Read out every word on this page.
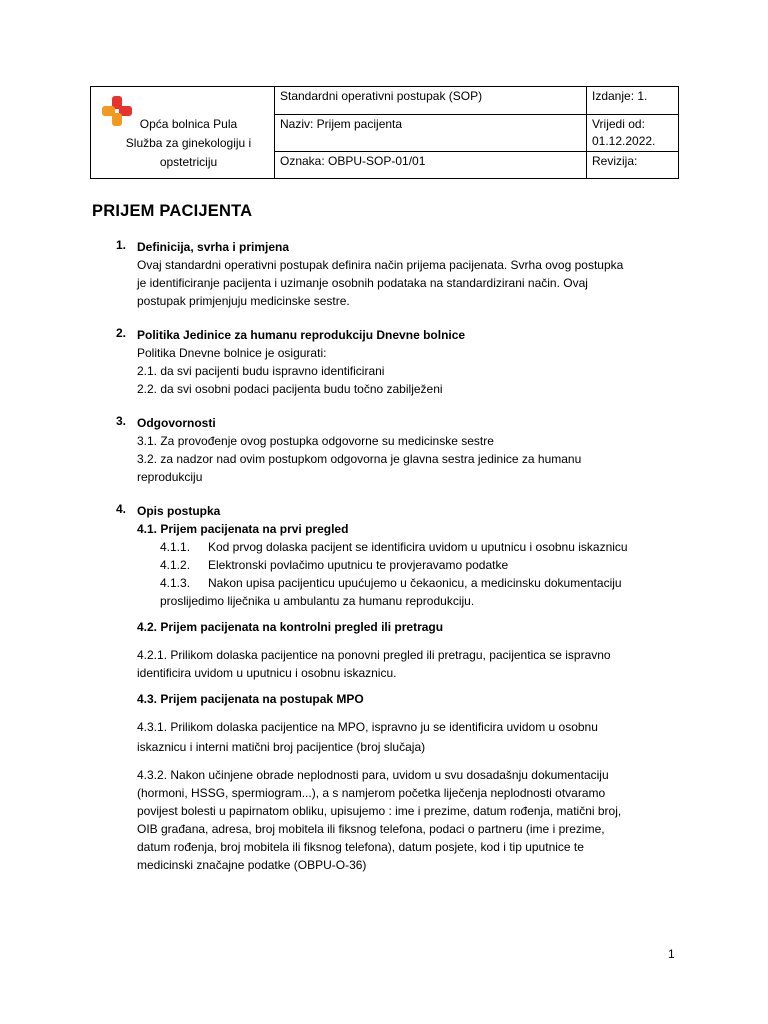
Opća bolnica Pula
Služba za ginekologiju i
opstetriciju	Standardni operativni postupak (SOP)	Izdanje: 1.
	Naziv: Prijem pacijenta	Vrijedi od:
01.12.2022.

	Oznaka: OBPU-SOP-01/01	Revizija:
PRIJEM PACIJENTA
1. Definicija, svrha i primjena
Ovaj standardni operativni postupak definira način prijema pacijenata. Svrha ovog postupka
je identificiranje pacijenta i uzimanje osobnih podataka na standardizirani način. Ovaj
postupak primjenjuju medicinske sestre.
2. Politika Jedinice za humanu reprodukciju Dnevne bolnice
Politika Dnevne bolnice je osigurati:
2.1. da svi pacijenti budu ispravno identificirani
2.2. da svi osobni podaci pacijenta budu točno zabilježeni
3. Odgovornosti
3.1. Za provođenje ovog postupka odgovorne su medicinske sestre
3.2. za nadzor nad ovim postupkom odgovorna je glavna sestra jedinice za humanu
reprodukciju
4. Opis postupka
4.1. Prijem pacijenata na prvi pregled
4.1.1. Kod prvog dolaska pacijent se identificira uvidom u uputnicu i osobnu iskaznicu
4.1.2. Elektronski povlačimo uputnicu te provjeravamo podatke
4.1.3. Nakon upisa pacijenticu upućujemo u čekaonicu, a medicinsku dokumentaciju
proslijedimo liječnika u ambulantu za humanu reprodukciju.
4.2. Prijem pacijenata na kontrolni pregled ili pretragu
4.2.1. Prilikom dolaska pacijentice na ponovni pregled ili pretragu, pacijentica se ispravno
identificira uvidom u uputnicu i osobnu iskaznicu.
4.3. Prijem pacijenata na postupak MPO
4.3.1. Prilikom dolaska pacijentice na MPO, ispravno ju se identificira uvidom u osobnu
iskaznicu i interni matični broj pacijentice (broj slučaja)
4.3.2. Nakon učinjene obrade neplodnosti para, uvidom u svu dosadašnju dokumentaciju
(hormoni, HSSG, spermiogram...), a s namjerom početka liječenja neplodnosti otvaramo
povijest bolesti u papirnatom obliku, upisujemo : ime i prezime, datum rođenja, matični broj,
OIB građana, adresa, broj mobitela ili fiksnog telefona, podaci o partneru (ime i prezime,
datum rođenja, broj mobitela ili fiksnog telefona), datum posjete, kod i tip uputnice te
medicinski značajne podatke (OBPU-O-36)
1
